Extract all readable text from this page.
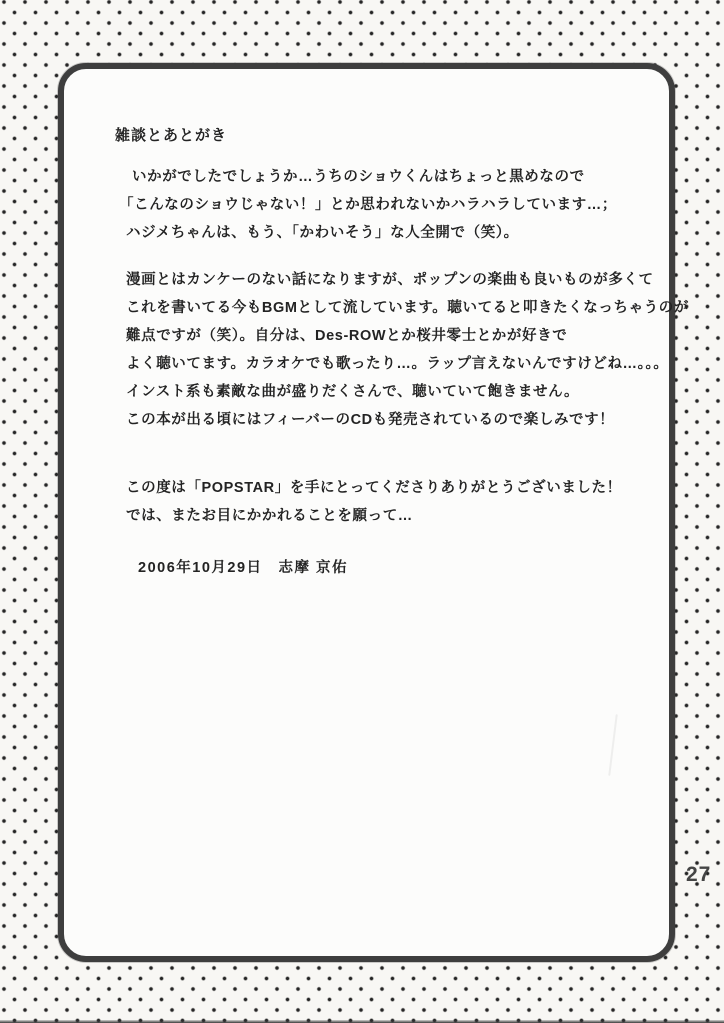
雑談とあとがき
いかがでしたでしょうか…うちのショウくんはちょっと黒めなので
「こんなのショウじゃない！」とか思われないかハラハラしています…；
ハジメちゃんは、もう、「かわいそう」な人全開で（笑）。
漫画とはカンケーのない話になりますが、ポップンの楽曲も良いものが多くて
これを書いてる今もBGMとして流しています。聴いてると叩きたくなっちゃうのが
難点ですが（笑）。自分は、Des-ROWとか桜井零士とかが好きで
よく聴いてます。カラオケでも歌ったり…。ラップ言えないんですけどね…。。。
インスト系も素敵な曲が盛りだくさんで、聴いていて飽きません。
この本が出る頃にはフィーバーのCDも発売されているので楽しみです！
この度は「POPSTAR」を手にとってくださりありがとうございました！
では、またお目にかかれることを願って…
2006年10月29日　志摩 京佑
27
